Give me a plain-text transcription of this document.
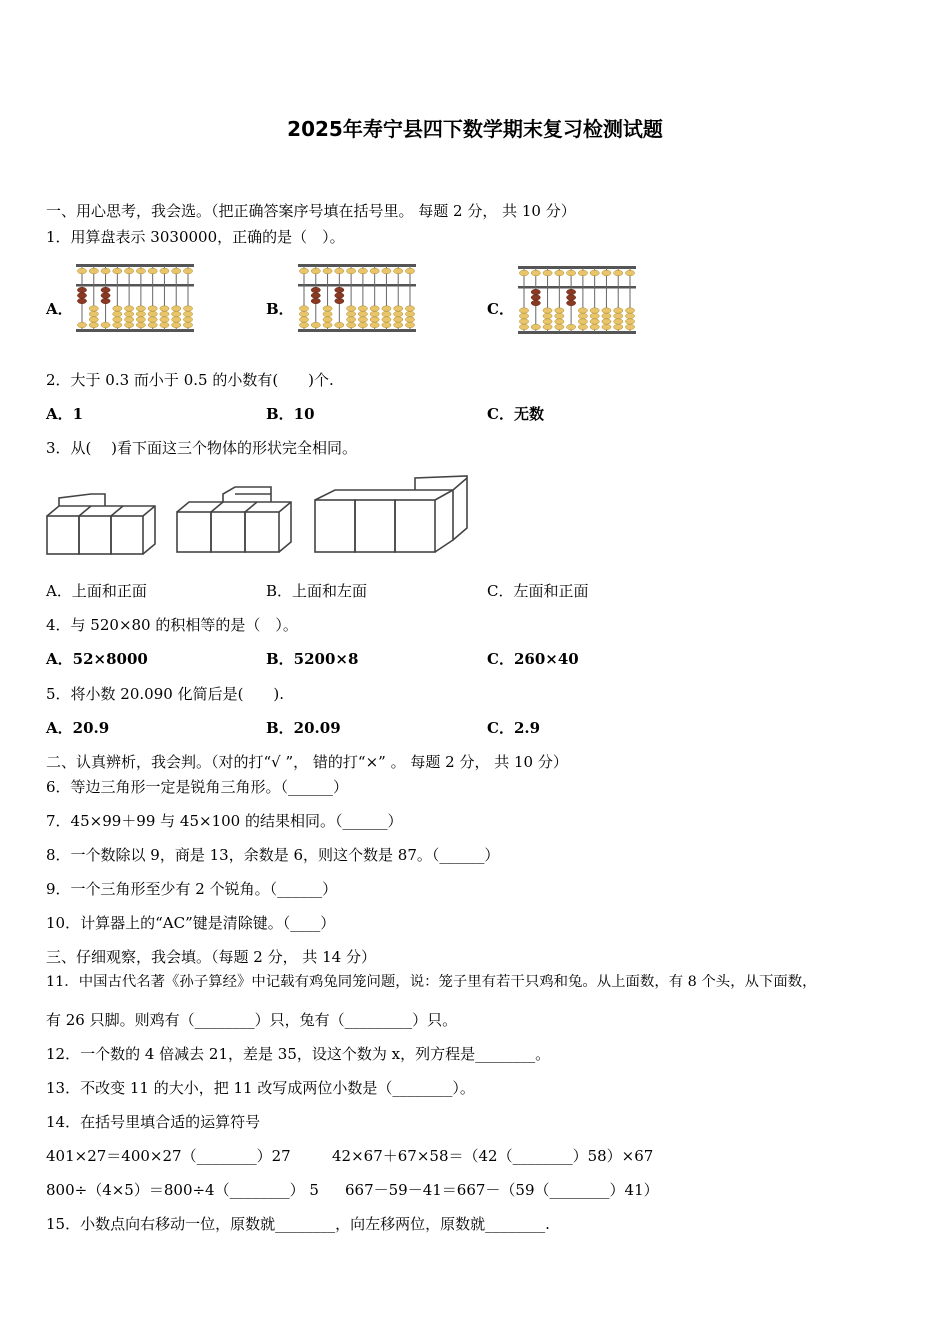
2025年寿宁县四下数学期末复习检测试题
一、用心思考，我会选。（把正确答案序号填在括号里。 每题 2 分， 共 10 分）
1．用算盘表示 3030000，正确的是（　）。
A．	B．	C．
2．大于 0.3 而小于 0.5 的小数有(　　)个.
A．1	B．10	C．无数
3．从(　 )看下面这三个物体的形状完全相同。
A．上面和正面	B．上面和左面	C．左面和正面
4．与 520×80 的积相等的是（　）。
A．52×8000	B．5200×8	C．260×40
5．将小数 20.090 化简后是(　　).
A．20.9	B．20.09	C．2.9
二、认真辨析，我会判。（对的打“√ ”， 错的打“×” 。 每题 2 分， 共 10 分）
6．等边三角形一定是锐角三角形。（______）
7．45×99＋99 与 45×100 的结果相同。（______）
8．一个数除以 9，商是 13，余数是 6，则这个数是 87。（______）
9．一个三角形至少有 2 个锐角。（______）
10．计算器上的“AC”键是清除键。（____）
三、仔细观察，我会填。（每题 2 分， 共 14 分）
11．中国古代名著《孙子算经》中记载有鸡兔同笼问题，说：笼子里有若干只鸡和兔。从上面数，有 8 个头，从下面数，
有 26 只脚。则鸡有（________）只，兔有（_________）只。
12．一个数的 4 倍减去 21，差是 35，设这个数为 x，列方程是________。
13．不改变 11 的大小，把 11 改写成两位小数是（________）。
14．在括号里填合适的运算符号
401×27＝400×27（________）27	42×67＋67×58＝（42（________）58）×67
800÷（4×5）＝800÷4（________） 5 667－59－41＝667－（59（________）41）
15．小数点向右移动一位，原数就________，向左移两位，原数就________.
